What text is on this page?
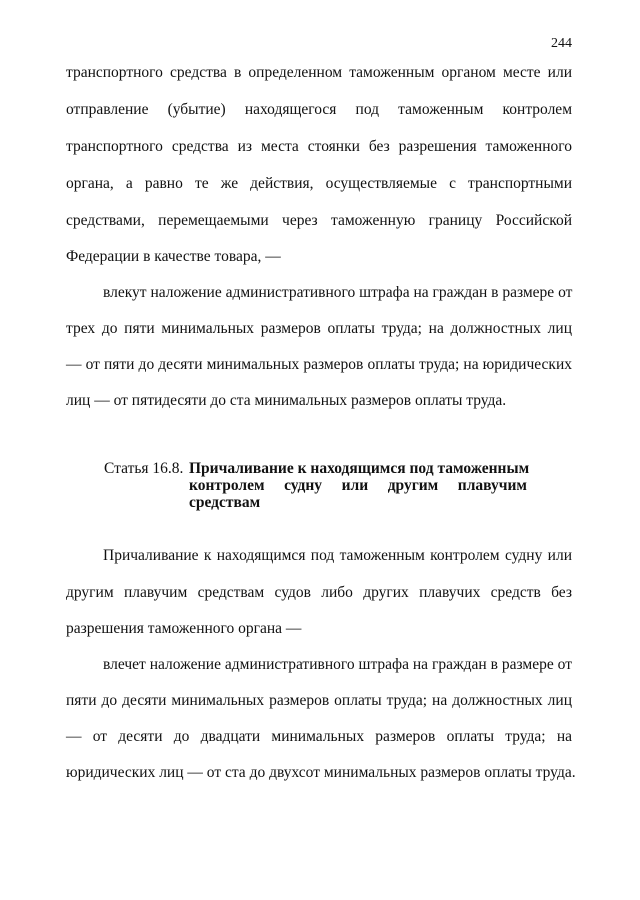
244
транспортного средства в определенном таможенным органом месте или
отправление (убытие) находящегося под таможенным контролем
транспортного средства из места стоянки без разрешения таможенного
органа, а равно те же действия, осуществляемые с транспортными
средствами, перемещаемыми через таможенную границу Российской
Федерации в качестве товара, —
влекут наложение административного штрафа на граждан в размере от
трех до пяти минимальных размеров оплаты труда; на должностных лиц
— от пяти до десяти минимальных размеров оплаты труда; на юридических
лиц — от пятидесяти до ста минимальных размеров оплаты труда.
Статья 16.8. Причаливание к находящимся под таможенным
контролем судну или другим плавучим
средствам
Причаливание к находящимся под таможенным контролем судну или
другим плавучим средствам судов либо других плавучих средств без
разрешения таможенного органа —
влечет наложение административного штрафа на граждан в размере от
пяти до десяти минимальных размеров оплаты труда; на должностных лиц
— от десяти до двадцати минимальных размеров оплаты труда; на
юридических лиц — от ста до двухсот минимальных размеров оплаты труда.
